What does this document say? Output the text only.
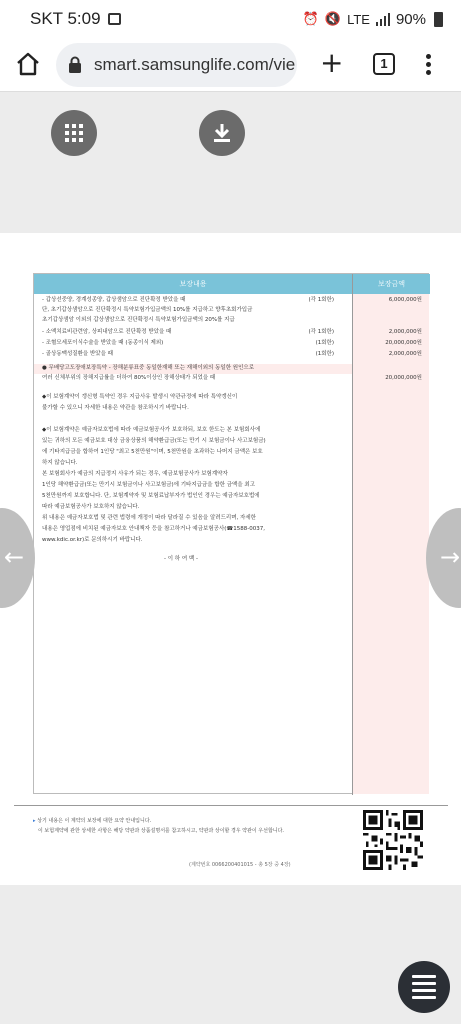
SKT 5:09	⏰ 🔇 LTE 90%
smart.samsunglife.com/vie +	1
보장내용	보장금액
- 갑상선중양, 경계성종양, 갑상샘암으로 진단확정 받았을 때	(각 1회한)	6,000,000원
단, 초기갑상샘암으로 진단확정시 특약보험가입금액의 10%를 지급하고 향후초회가입금
초기갑상샘암 이외의 갑상샘암으로 진단확정시 특약보험가입금액의 20%를 지급
- 소액치료비관련암, 상피내암으로 진단확정 받았을 때	(각 1회한)	2,000,000원
- 조혈모세포이식수술을 받았을 때 (동종이식 제외)	(1회한)	20,000,000원
- 골상동맥성질환을 받았을 때	(1회한)	2,000,000원
● 무배당고도장애보장특약 - 장해분류표중 동일한재해 또는 재해이외의 동일한 원인으로
여러 신체부위의 장해지급률을 더하여 80%이상인 장해상태가 되었을 때	20,000,000원
◆이 보험계약이 갱신형 특약인 경우 지급사유 발생시 약관규정에 따라 특약갱신이
불가할 수 있으니 자세한 내용은 약관을 참조하시기 바랍니다.
◆이 보험계약은 예금자보호법에 따라 예금보험공사가 보호하되, 보호 한도는 본 보험회사에
있는 귀하의 모든 예금보호 대상 금융상품의 해약환급금(또는 만기 시 보험금이나 사고보험금)
에 기타지급금을 합하여 1인당 "최고 5천만원"이며, 5천만원을 초과하는 나머지 금액은 보호
하지 않습니다.
본 보험회사가 예금의 지급정지 사유가 되는 경우, 예금보험공사가 보험계약자
1인당 해약환급금(또는 만기시 보험금이나 사고보험금)에 기타지급금을 합한 금액을 최고
5천만원까지 보호합니다. 단, 보험계약자 및 보험료납부자가 법인인 경우는 예금자보호법에
따라 예금보험공사가 보호하지 않습니다.
위 내용은 예금자보호법 및 관련 법령에 개정이 따라 달라질 수 있음을 알려드리며, 자세한
내용은 영업점에 비치된 예금자보호 안내책자 등을 참고하거나 예금보험공사(☎1588-0037,
www.kdic.or.kr)로 문의하시기 바랍니다.
- 이 하 여 백 -
▸ 상기 내용은 이 계약의 보장에 대한 요약 안내입니다.
이 보험계약에 관한 상세한 사항은 해당 약관과 상품설명서를 참고하시고, 약관과 상이할 경우 약관이 우선합니다.
(계약번호 0066200401015 - 총 5장 중 4장)
←	→
